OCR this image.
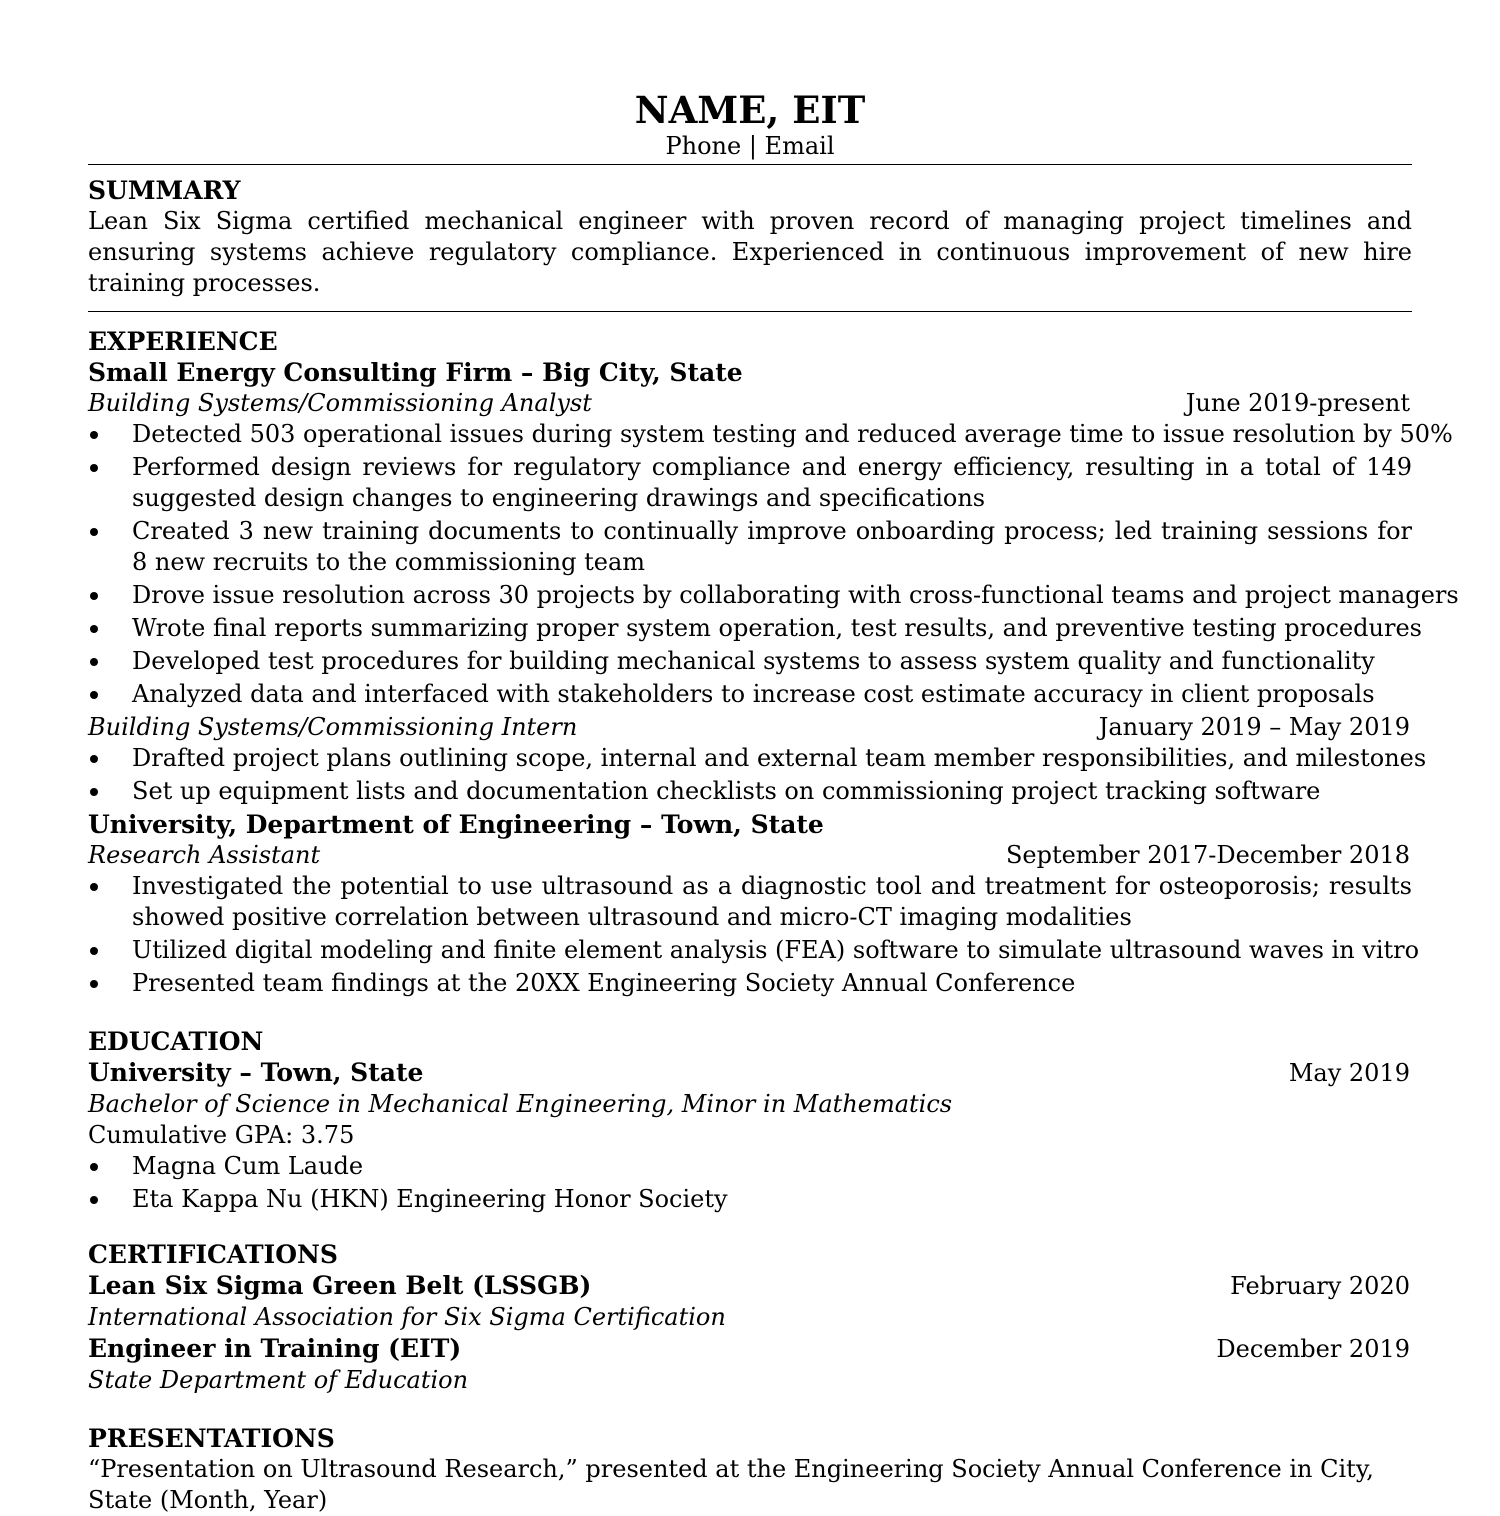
NAME, EIT
Phone | Email
SUMMARY
Lean Six Sigma certified mechanical engineer with proven record of managing project timelines and ensuring systems achieve regulatory compliance. Experienced in continuous improvement of new hire training processes.
EXPERIENCE
Small Energy Consulting Firm – Big City, State
Building Systems/Commissioning Analyst	June 2019-present
Detected 503 operational issues during system testing and reduced average time to issue resolution by 50%
Performed design reviews for regulatory compliance and energy efficiency, resulting in a total of 149 suggested design changes to engineering drawings and specifications
Created 3 new training documents to continually improve onboarding process; led training sessions for 8 new recruits to the commissioning team
Drove issue resolution across 30 projects by collaborating with cross-functional teams and project managers
Wrote final reports summarizing proper system operation, test results, and preventive testing procedures
Developed test procedures for building mechanical systems to assess system quality and functionality
Analyzed data and interfaced with stakeholders to increase cost estimate accuracy in client proposals
Building Systems/Commissioning Intern	January 2019 – May 2019
Drafted project plans outlining scope, internal and external team member responsibilities, and milestones
Set up equipment lists and documentation checklists on commissioning project tracking software
University, Department of Engineering – Town, State
Research Assistant	September 2017-December 2018
Investigated the potential to use ultrasound as a diagnostic tool and treatment for osteoporosis; results showed positive correlation between ultrasound and micro-CT imaging modalities
Utilized digital modeling and finite element analysis (FEA) software to simulate ultrasound waves in vitro
Presented team findings at the 20XX Engineering Society Annual Conference
EDUCATION
University – Town, State	May 2019
Bachelor of Science in Mechanical Engineering, Minor in Mathematics
Cumulative GPA: 3.75
Magna Cum Laude
Eta Kappa Nu (HKN) Engineering Honor Society
CERTIFICATIONS
Lean Six Sigma Green Belt (LSSGB)	February 2020
International Association for Six Sigma Certification
Engineer in Training (EIT)	December 2019
State Department of Education
PRESENTATIONS
“Presentation on Ultrasound Research,” presented at the Engineering Society Annual Conference in City, State (Month, Year)
